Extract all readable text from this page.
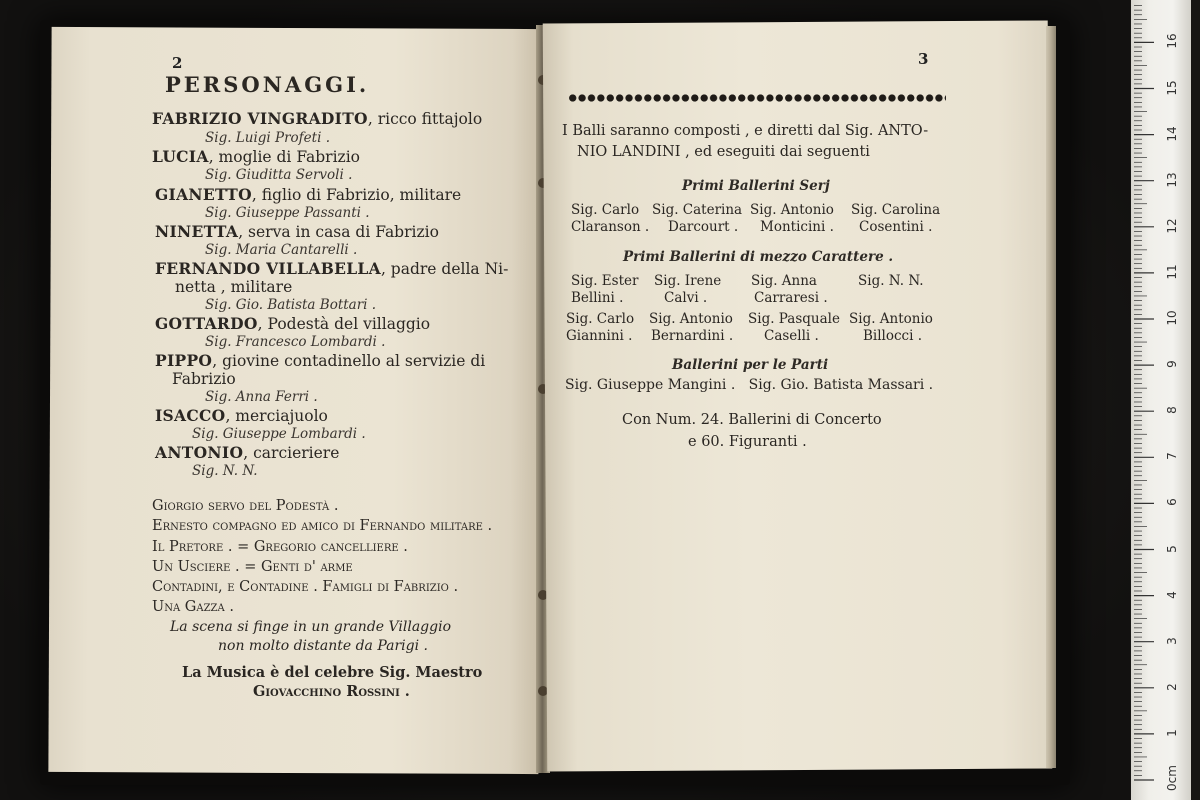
2
PERSONAGGI.
FABRIZIO VINGRADITO, ricco fittajolo
Sig. Luigi Profeti .
LUCIA, moglie di Fabrizio
Sig. Giuditta Servoli .
GIANETTO, figlio di Fabrizio, militare
Sig. Giuseppe Passanti .
NINETTA, serva in casa di Fabrizio
Sig. Maria Cantarelli .
FERNANDO VILLABELLA, padre della Ni-
netta , militare
Sig. Gio. Batista Bottari .
GOTTARDO, Podestà del villaggio
Sig. Francesco Lombardi .
PIPPO, giovine contadinello al servizie di
Fabrizio
Sig. Anna Ferri .
ISACCO, merciajuolo
Sig. Giuseppe Lombardi .
ANTONIO, carcieriere
Sig. N. N.
Giorgio servo del Podestà .
Ernesto compagno ed amico di Fernando militare .
Il Pretore . = Gregorio cancelliere .
Un Usciere . = Genti d' arme
Contadini, e Contadine . Famigli di Fabrizio .
Una Gazza .
La scena si finge in un grande Villaggio
non molto distante da Parigi .
La Musica è del celebre Sig. Maestro
Giovacchino Rossini .
3
I Balli saranno composti , e diretti dal Sig. ANTO-
NIO LANDINI , ed eseguiti dai seguenti
Primi Ballerini Serj
Sig. Carlo
Claranson .
Sig. Caterina
Darcourt .
Sig. Antonio
Monticini .
Sig. Carolina
Cosentini .
Primi Ballerini di mezzo Carattere .
Sig. Ester
Bellini .
Sig. Irene
Calvi .
Sig. Anna
Carraresi .
Sig. N. N.
Sig. Carlo
Giannini .
Sig. Antonio
Bernardini .
Sig. Pasquale
Caselli .
Sig. Antonio
Billocci .
Ballerini per le Parti
Sig. Giuseppe Mangini .   Sig. Gio. Batista Massari .
Con Num. 24. Ballerini di Concerto
e 60. Figuranti .
0cm
1
2
3
4
5
6
7
8
9
10
11
12
13
14
15
16
